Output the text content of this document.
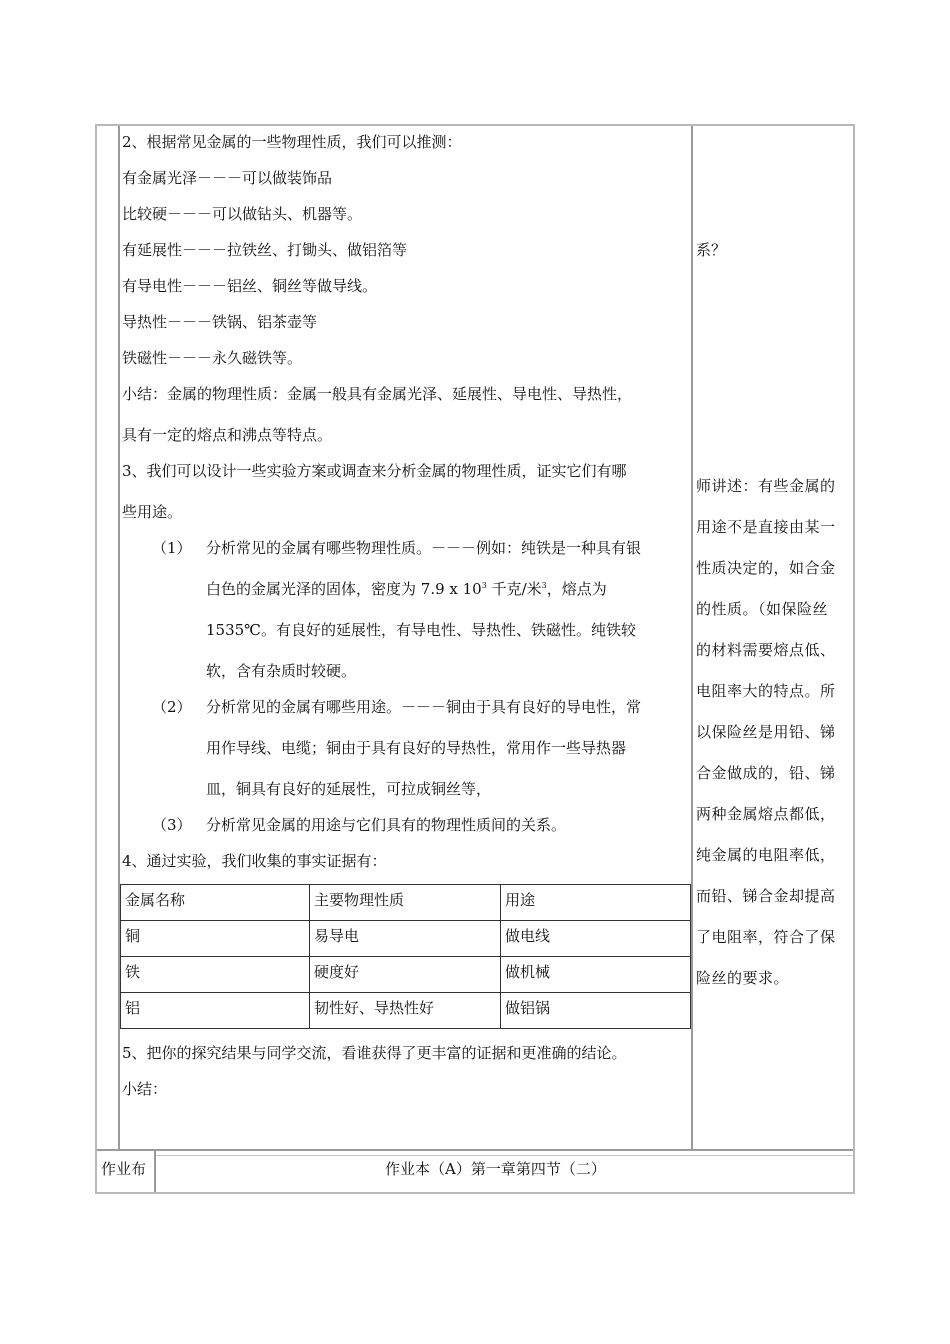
2、根据常见金属的一些物理性质，我们可以推测：
有金属光泽－－－可以做装饰品
比较硬－－－可以做钻头、机器等。
有延展性－－－拉铁丝、打锄头、做铝箔等
有导电性－－－铝丝、铜丝等做导线。
导热性－－－铁锅、铝茶壶等
铁磁性－－－永久磁铁等。
小结：金属的物理性质：金属一般具有金属光泽、延展性、导电性、导热性，
具有一定的熔点和沸点等特点。
3、我们可以设计一些实验方案或调查来分析金属的物理性质，证实它们有哪
些用途。
（1） 分析常见的金属有哪些物理性质。－－－例如：纯铁是一种具有银
白色的金属光泽的固体，密度为 7.9 x $10^3$ 千克/米$^3$，熔点为
1535℃。有良好的延展性，有导电性、导热性、铁磁性。纯铁较
软，含有杂质时较硬。
（2） 分析常见的金属有哪些用途。－－－铜由于具有良好的导电性，常
用作导线、电缆；铜由于具有良好的导热性，常用作一些导热器
皿，铜具有良好的延展性，可拉成铜丝等，
（3） 分析常见金属的用途与它们具有的物理性质间的关系。
4、通过实验，我们收集的事实证据有：
金属名称	主要物理性质	用途
铜	易导电	做电线
铁	硬度好	做机械
铝	韧性好、导热性好	做铝锅
5、把你的探究结果与同学交流，看谁获得了更丰富的证据和更准确的结论。
小结：
系？
师讲述：有些金属的
用途不是直接由某一
性质决定的，如合金
的性质。（如保险丝
的材料需要熔点低、
电阻率大的特点。所
以保险丝是用铅、锑
合金做成的，铅、锑
两种金属熔点都低，
纯金属的电阻率低，
而铅、锑合金却提高
了电阻率，符合了保
险丝的要求。
作业布	作业本（A）第一章第四节（二）
